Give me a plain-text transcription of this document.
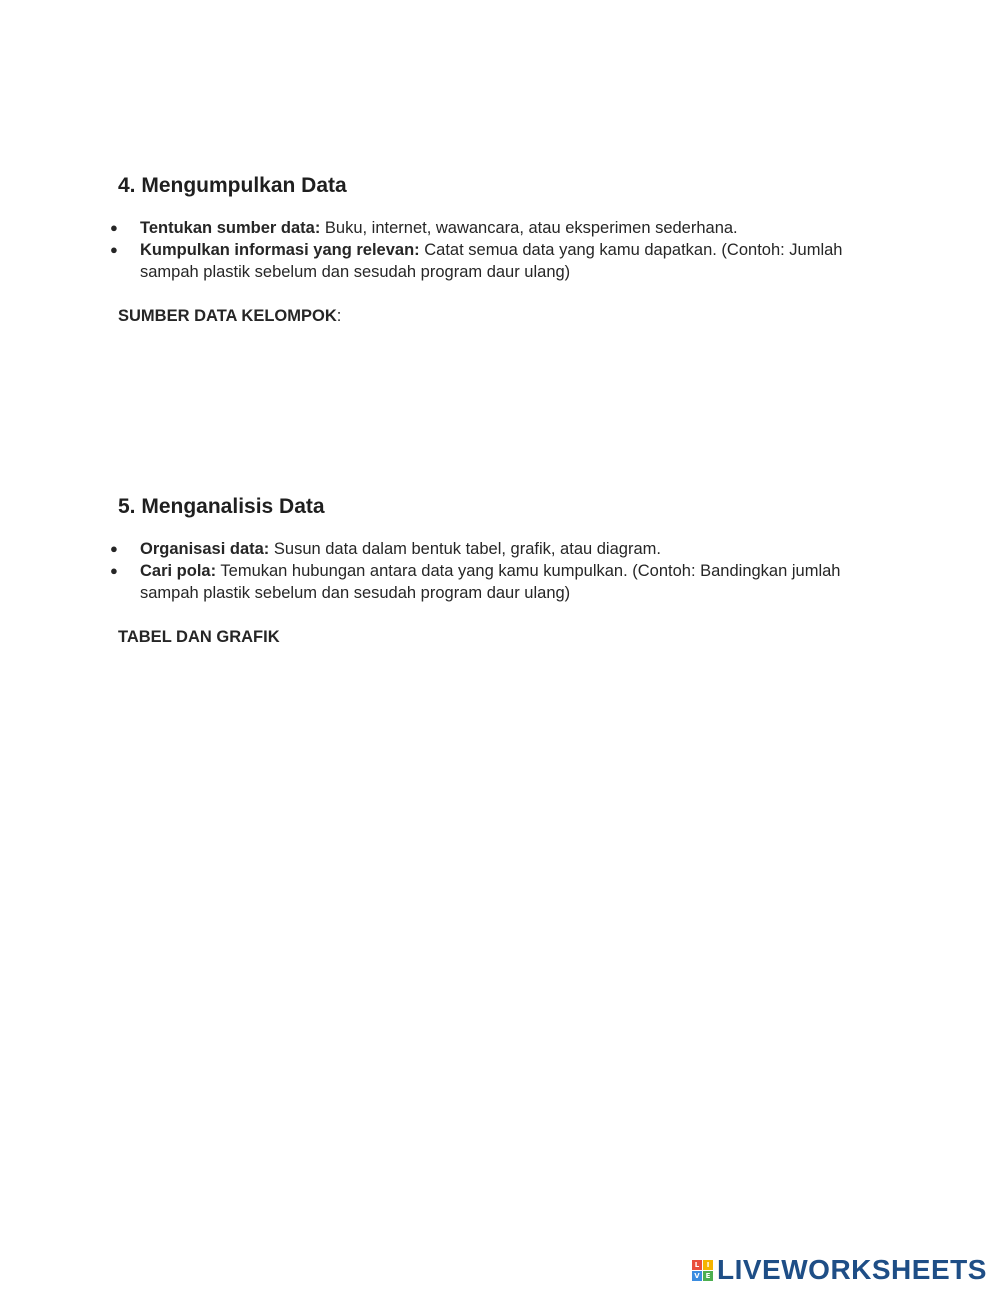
4. Mengumpulkan Data
● Tentukan sumber data: Buku, internet, wawancara, atau eksperimen sederhana.
● Kumpulkan informasi yang relevan: Catat semua data yang kamu dapatkan. (Contoh: Jumlah sampah plastik sebelum dan sesudah program daur ulang)
SUMBER DATA KELOMPOK:
5. Menganalisis Data
● Organisasi data: Susun data dalam bentuk tabel, grafik, atau diagram.
● Cari pola: Temukan hubungan antara data yang kamu kumpulkan. (Contoh: Bandingkan jumlah sampah plastik sebelum dan sesudah program daur ulang)
TABEL DAN GRAFIK
L	I
V E LIVEWORKSHEETS
